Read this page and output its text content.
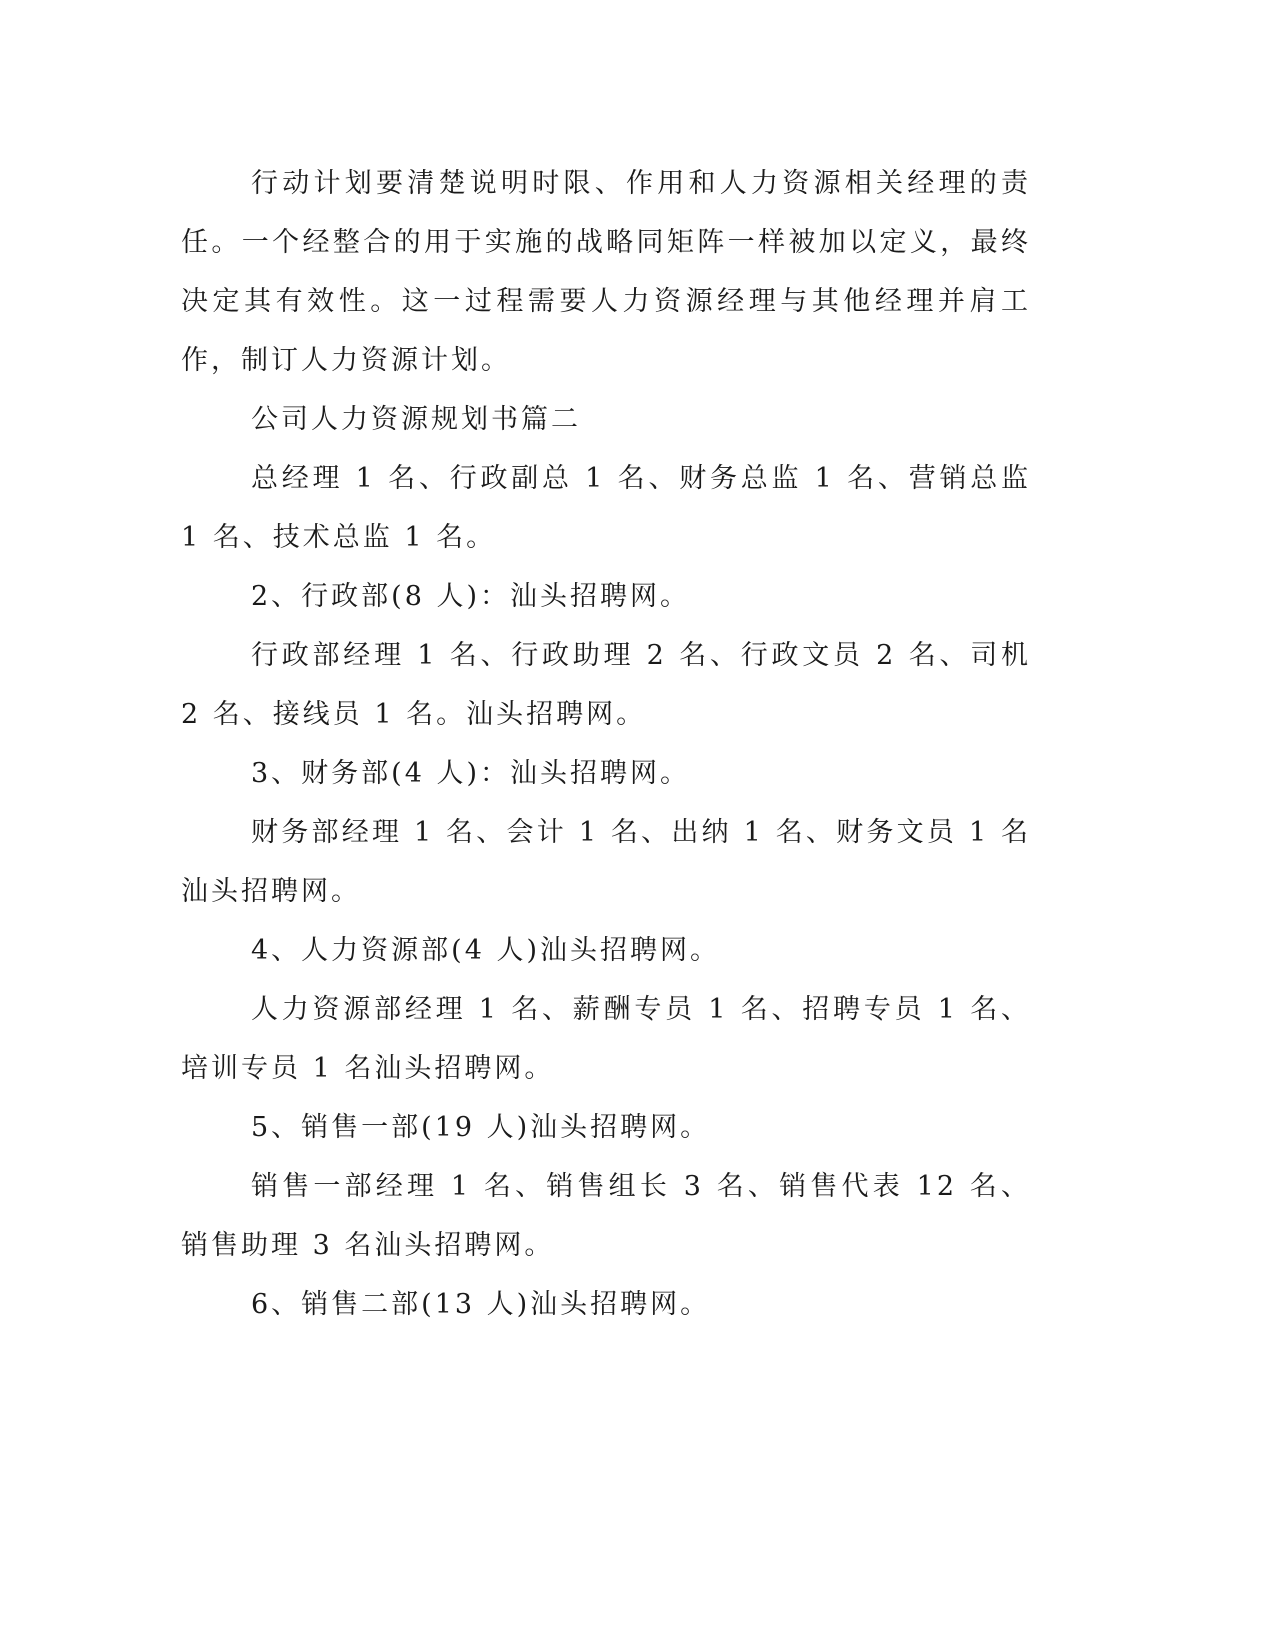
行动计划要清楚说明时限、作用和人力资源相关经理的责任。一个经整合的用于实施的战略同矩阵一样被加以定义，最终决定其有效性。这一过程需要人力资源经理与其他经理并肩工作，制订人力资源计划。

公司人力资源规划书篇二

总经理 1 名、行政副总 1 名、财务总监 1 名、营销总监 1 名、技术总监 1 名。

2、行政部(8 人)：汕头招聘网。

行政部经理 1 名、行政助理 2 名、行政文员 2 名、司机 2 名、接线员 1 名。汕头招聘网。

3、财务部(4 人)：汕头招聘网。

财务部经理 1 名、会计 1 名、出纳 1 名、财务文员 1 名汕头招聘网。

4、人力资源部(4 人)汕头招聘网。

人力资源部经理 1 名、薪酬专员 1 名、招聘专员 1 名、培训专员 1 名汕头招聘网。

5、销售一部(19 人)汕头招聘网。

销售一部经理 1 名、销售组长 3 名、销售代表 12 名、销售助理 3 名汕头招聘网。

6、销售二部(13 人)汕头招聘网。
